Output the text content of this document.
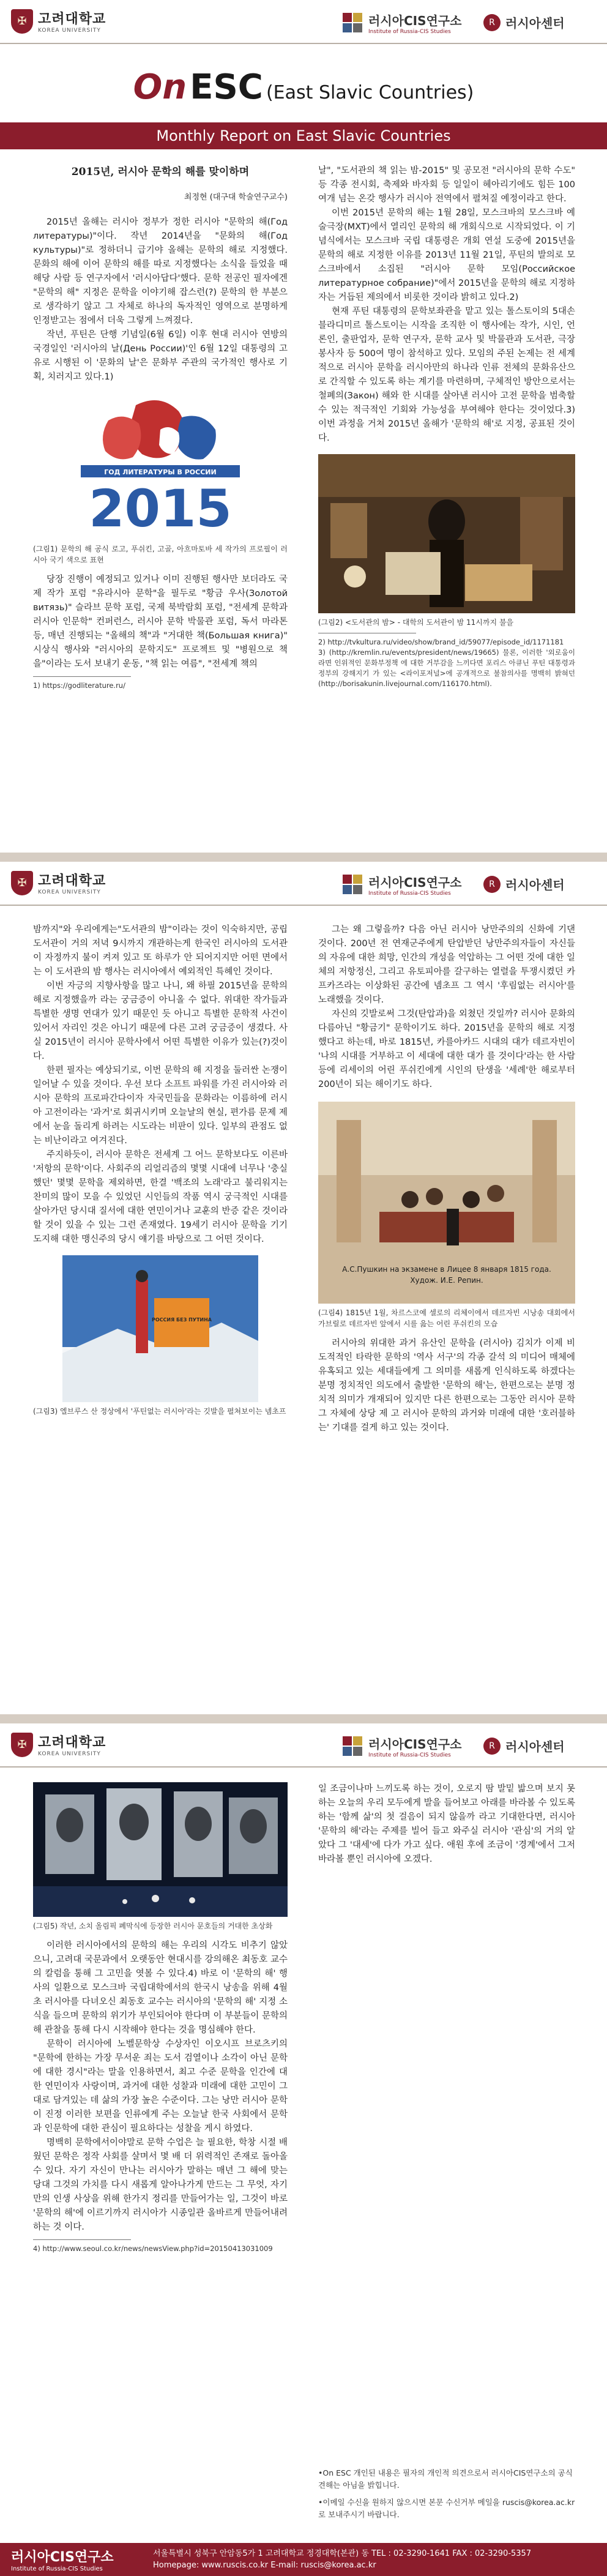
✠ 고려대학교
KOREA UNIVERSITY
러시아CIS연구소
Institute of Russia-CIS Studies
R 러시아센터
On ESC (East Slavic Countries)
Monthly Report on East Slavic Countries
2015년, 러시아 문학의 해를 맞이하며
최정현 (대구대 학술연구교수)

2015년 올해는 러시아 정부가 정한 러시아 "문학의 해(Год литературы)"이다. 작년 2014년을 "문화의 해(Год культуры)"로 정하더니 급기야 올해는 문학의 해로 지정했다. 문화의 해에 이어 문학의 해를 따로 지정했다는 소식을 들었을 때 해당 사람 등 연구자에서 '러시아답다'했다. 문학 전공인 필자에겐 "문학의 해" 지정은 문학을 이야기해 잡스런(?) 문학의 한 부분으로 생각하기 않고 그 자체로 하나의 독자적인 영역으로 분명하게 인정받고는 점에서 더욱 그렇게 느껴졌다.

작년, 푸틴은 단행 기념일(6월 6일) 이후 현대 러시아 연방의 국경일인 '러시아의 날(День России)'인 6월 12일 대통령의 고유로 시행된 이 '문화의 날'은 문화부 주관의 국가적인 행사로 기획, 치러지고 있다.1)

ГОД ЛИТЕРАТУРЫ В РОССИИ
2015
(그림1) 문학의 해 공식 로고, 푸쉬킨, 고골, 아흐마토바 세 작가의 프로필이 러시아 국기 색으로 표현

당장 진행이 예정되고 있거나 이미 진행된 행사만 보더라도 국제 작가 포럼 "유라시아 문학"을 필두로 "황금 우사(Золотой витязь)" 슬라브 문학 포럼, 국제 북박람회 포럼, "전세계 문학과 러시아 인문학" 컨퍼런스, 러시아 문학 박물관 포럼, 독서 마라톤 등, 매년 진행되는 "올해의 책"과 "거대한 책(Большая книга)" 시상식 행사와 "러시아의 문학지도" 프로젝트 및 "병원으로 책을"이라는 도서 보내기 운동, "책 읽는 여름", "전세계 책의

1) https://godliterature.ru/

날", "도서관의 책 읽는 밤-2015" 및 공모전 "러시아의 문학 수도" 등 각종 전시회, 축제와 바자회 등 일일이 헤아리기에도 힘든 100여개 넘는 온갖 행사가 러시아 전역에서 펼쳐질 예정이라고 한다.

이번 2015년 문학의 해는 1월 28일, 모스크바의 모스크바 예술극장(МХТ)에서 열리인 문학의 해 개회식으로 시작되었다. 이 기념식에서는 모스크바 국립 대통령은 개회 연설 도중에 2015년을 문학의 해로 지정한 이유를 2013년 11월 21일, 푸틴의 발의로 모스크바에서 소집된 "러시아 문학 모임(Российское литературное собрание)"에서 2015년을 문학의 해로 지정하자는 거듭된 제의에서 비롯한 것이라 밝히고 있다.2)

현재 푸틴 대통령의 문학보좌관을 맡고 있는 톨스토이의 5대손 블라디미르 톨스토이는 시작을 조직한 이 행사에는 작가, 시인, 언론인, 출판업자, 문학 연구자, 문학 교사 및 박물관과 도서관, 극장 봉사자 등 500여 명이 참석하고 있다. 모임의 주된 논제는 전 세계적으로 러시아 문학을 러시아만의 하나라 인류 전체의 문화유산으로 간직할 수 있도록 하는 계기를 마련하며, 구체적인 방안으로서는 철폐의(Закон) 해와 한 시대를 살아낸 러시아 고전 문학을 범축할 수 있는 적극적인 기회와 가능성을 부여해야 한다는 것이었다.3) 이번 과정을 거쳐 2015년 올해가 '문학의 해'로 지정, 공표된 것이다.

(그림2) <도서관의 밤> - 대학의 도서관이 밤 11시까지 불을
2) http://tvkultura.ru/video/show/brand_id/59077/episode_id/1171181
3) (http://kremlin.ru/events/president/news/19665) 물론, 이러한 '외로움이라면 인위적인 문화부정책 에 대한 거부감을 느끼다면 포리스 아큐닌 푸틴 대통령과 정부의 강해지기 가 있는 <라이포저널>에 공개적으로 불참의사를 명백히 밝혀던 (http://borisakunin.livejournal.com/116170.html).
✠ 고려대학교
KOREA UNIVERSITY
러시아CIS연구소
Institute of Russia-CIS Studies
R 러시아센터

밤까지"와 우리에게는"도서관의 밤"이라는 것이 익숙하지만, 공립 도서관이 거의 저녁 9시까지 개관하는게 한국인 러시아의 도서관이 자정까지 불이 켜져 있고 또 하루가 안 되어지지만 어떤 면에서는 이 도서관의 밤 행사는 러시아에서 예외적인 특혜인 것이다.

이번 자긍의 지향사항을 많고 나니, 왜 하필 2015년을 문학의 해로 지정했을까 라는 궁금증이 아니올 수 없다. 위대한 작가들과 특별한 생명 연대가 있기 때문인 듯 아니고 특별한 문학적 사건이 있어서 자리인 것은 아니기 때문에 다른 고려 궁금증이 생겼다. 사실 2015년이 러시아 문학사에서 어떤 특별한 이유가 있는(?)것이다.

한편 필자는 예상되기로, 이번 문학의 해 지정을 둘러싼 논쟁이 일어날 수 있을 것이다. 우선 보다 소프트 파워를 가진 러시아와 러시아 문학의 프로파간다이자 자국민들을 문화라는 이름하에 러시아 고전이라는 '과거'로 회귀시키며 오늘날의 현실, 편가름 문제 제에서 눈을 돌리게 하려는 시도라는 비판이 있다. 일부의 관점도 없는 비난이라고 여겨진다.

주지하듯이, 러시아 문학은 전세계 그 어느 문학보다도 이른바 '저항의 문학'이다. 사회주의 리얼리즘의 몇몇 시대에 너무나 '충실했던' 몇몇 문학을 제외하면, 한결 '백조의 노래'라고 불리워지는 찬미의 많이 모을 수 있었던 시인들의 작품 역시 궁극적인 시대를 살아가던 당시대 질서에 대한 연민이거나 교훈의 반증 같은 것이라 할 것이 있을 수 있는 그런 존재였다. 19세기 러시아 문학을 기기 도지해 대한 맹신주의 당시 얘기를 바탕으로 그 어떤 것이다.

РОССИЯ БЕЗ ПУТИНА
(그림3) 엘브루스 산 정상에서 '푸틴없는 러시아'라는 깃발을 펼쳐보이는 넴초프

그는 왜 그렇을까? 다음 아닌 러시아 낭만주의의 신화에 기댄 것이다. 200년 전 연재군주에게 탄압받던 낭만주의자들이 자신들의 자유에 대한 희망, 인간의 개성을 억압하는 그 어떤 것에 대한 일체의 저항정신, 그리고 유토피아를 갈구하는 열렬을 투쟁시켰던 카프카즈라는 이상화된 공간에 넴초프 그 역시 '후림없는 러시아'를 노래했을 것이다.

자신의 깃발로써 그것(탄압과)을 외쳤던 것일까? 러시아 문화의 다름아닌 "황금기" 문학이기도 하다. 2015년을 문학의 해로 지정했다고 하는데, 바로 1815년, 카를아카드 시대의 대가 데르자빈이 '나의 시대를 거부하고 이 세대에 대한 대가 를 것이다'라는 한 사람 등에 리세이의 어린 푸쉬킨에게 시인의 탄생을 '세례'한 해로부터 200년이 되는 해이기도 하다.

А.С.Пушкин на экзамене в Лицее 8 января 1815 года.
Худож. И.Е. Репин.
(그림4) 1815년 1월, 차르스코예 셀로의 리체이에서 데르자빈 시낭송 대회에서 가브릴로 데르자빈 앞에서 시를 읊는 어린 푸쉬킨의 모습

러시아의 위대한 과거 유산인 문학을 (러시아) 김치가 이제 비도적적인 타락한 문학의 '역사 서구'의 각종 갈석 의 미디어 매체에 유혹되고 있는 세대들에게 그 의미를 새롭게 인식하도록 하겠다는 분명 정치적인 의도에서 출발한 '문학의 해'는, 한편으로는 분명 정치적 의미가 개재되어 있지만 다른 한편으로는 그동안 러시아 문학 그 자체에 상당 제 고 러시아 문학의 과거와 미래에 대한 '호러블하는' 기대를 걸게 하고 있는 것이다.

✠ 고려대학교
KOREA UNIVERSITY
러시아CIS연구소
Institute of Russia-CIS Studies
R 러시아센터
(그림5) 작년, 소치 올림픽 폐막식에 등장한 러시아 문호들의 거대한 초상화

이러한 러시아에서의 문학의 해는 우리의 시각도 비추기 않았으니, 고려대 국문과에서 오랫동안 현대시를 강의해온 최동호 교수의 칼럼을 통해 그 고민을 엿볼 수 있다.4) 바로 이 '문학의 해' 행사의 일환으로 모스크바 국립대학에서의 한국시 낭송을 위해 4월 초 러시아를 다녀오신 최동호 교수는 러시아의 '문학의 해' 지정 소식을 들으며 문학의 위기가 부인되어야 한다며 이 부분들이 문학의 해 관찰을 통해 다시 시작해야 한다는 것을 명심해야 한다.

문학이 러시아에 노벨문학상 수상자인 이오시프 브로츠키의 "문학에 한하는 가장 무서운 죄는 도서 검열이나 소각이 아닌 문학에 대한 경시"라는 말을 인용하면서, 최고 수준 문학을 인간에 대한 연민이자 사랑이며, 과거에 대한 성찰과 미래에 대한 고민이 그대로 담겨있는 데 삶의 가장 높은 수준이다. 그는 낭만 러시아 문학이 진정 이러한 보편을 인류에게 주는 오늘날 한국 사회에서 문학과 인문학에 대한 관심이 필요하다는 성찰을 게시 하였다.

명백히 문학에서이야말로 문학 수업은 늘 필요한, 학창 시절 배웠던 문학은 정작 사회를 살며서 몇 배 더 위력적인 존재로 돌아올 수 있다. 자기 자신이 만나는 러시아가 말하는 매년 그 해에 맞는 당대 그것의 가치를 다시 새롭게 알아나가게 만드는 그 무엇, 자기만의 인생 사상을 위해 한가지 정리를 만들어가는 일, 그것이 바로 '문학의 해'에 이르기까지 러시아가 시종일관 올바르게 만들어내려 하는 것 이다.

4) http://www.seoul.co.kr/news/newsView.php?id=20150413031009

일 조금이나마 느끼도록 하는 것이, 오로지 땀 발밑 밟으며 보지 못하는 오늘의 우리 모두에게 발을 들어보고 아래를 바라볼 수 있도록 하는 '함께 삶'의 첫 걸음이 되지 않을까 라고 기대한다면, 러시아 '문학의 해'라는 주제를 빌어 들고 와주실 러시아 '관심'의 거의 알았다 그 '대세'에 다가 가고 싶다. 애원 후에 조금이 '경계'에서 그저 바라볼 뿐인 러시아에 오겠다.

•On ESC 개인된 내용은 필자의 개인적 의견으로서 러시아CIS연구소의 공식 견해는 아님을 밝힙니다.
•이메일 수신을 원하지 않으시면 본문 수신거부 메일을 ruscis@korea.ac.kr로 보내주시기 바랍니다.
러시아CIS연구소
Institute of Russia-CIS Studies
서울특별시 성북구 안암동5가 1 고려대학교 정경대학(본관) 동 TEL : 02-3290-1641 FAX : 02-3290-5357
Homepage: www.ruscis.co.kr E-mail: ruscis@korea.ac.kr
